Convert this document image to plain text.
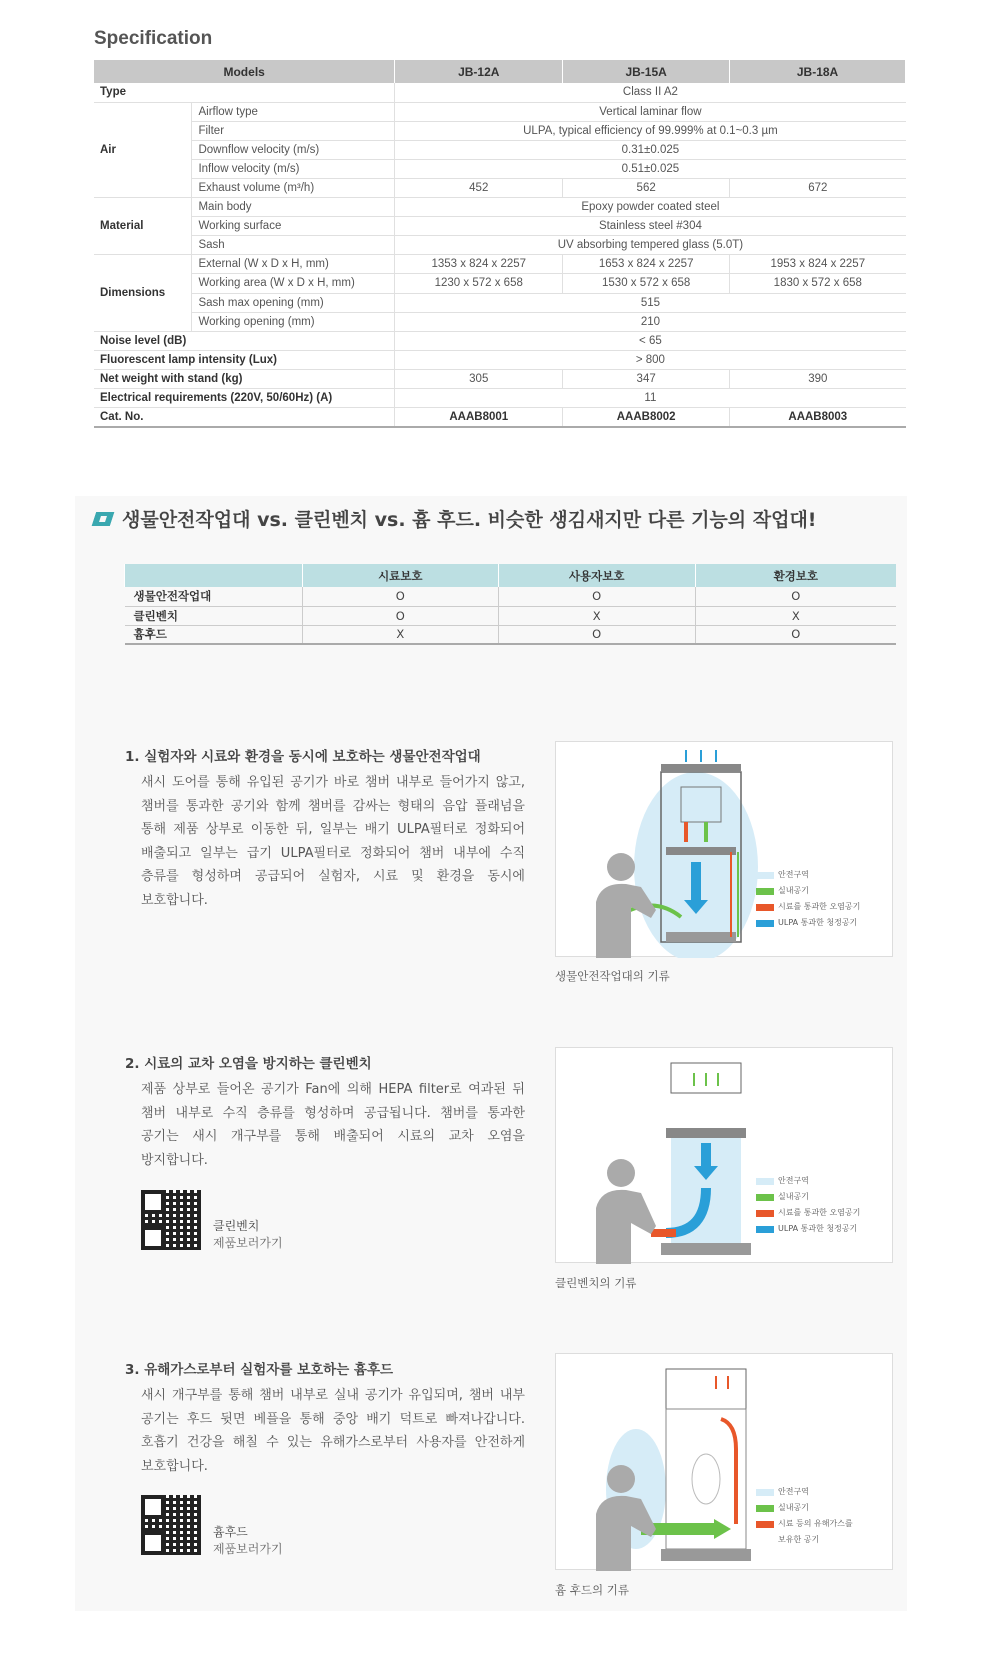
Specification
Models		JB-12A	JB-15A	JB-18A
Type		Class II A2		
Air	Airflow type	Vertical laminar flow		
	Filter	ULPA, typical efficiency of 99.999% at 0.1~0.3 µm		
	Downflow velocity (m/s)	0.31±0.025		
	Inflow velocity (m/s)	0.51±0.025		
	Exhaust volume (m³/h)	452	562	672
Material	Main body	Epoxy powder coated steel		
	Working surface	Stainless steel #304		
	Sash	UV absorbing tempered glass (5.0T)		
Dimensions	External (W x D x H, mm)	1353 x 824 x 2257	1653 x 824 x 2257	1953 x 824 x 2257
	Working area (W x D x H, mm)	1230 x 572 x 658	1530 x 572 x 658	1830 x 572 x 658
	Sash max opening (mm)	515		
	Working opening (mm)	210		
Noise level (dB)		< 65		
Fluorescent lamp intensity (Lux)		> 800		
Net weight with stand (kg)		305	347	390
Electrical requirements (220V, 50/60Hz) (A)		11		
Cat. No.		AAAB8001	AAAB8002	AAAB8003
생물안전작업대 vs. 클린벤치 vs. 흄 후드. 비슷한 생김새지만 다른 기능의 작업대!
	시료보호	사용자보호	환경보호
생물안전작업대	O	O	O
클린벤치	O	X	X
흄후드	X	O	O
1. 실험자와 시료와 환경을 동시에 보호하는 생물안전작업대

새시 도어를 통해 유입된 공기가 바로 챔버 내부로 들어가지 않고, 챔버를 통과한 공기와 함께 챔버를 감싸는 형태의 음압 플래넘을 통해 제품 상부로 이동한 뒤, 일부는 배기 ULPA필터로 정화되어 배출되고 일부는 급기 ULPA필터로 정화되어 챔버 내부에 수직 층류를 형성하며 공급되어 실험자, 시료 및 환경을 동시에 보호합니다.

안전구역
실내공기
시료를 통과한 오염공기
ULPA 통과한 청정공기
생물안전작업대의 기류
2. 시료의 교차 오염을 방지하는 클린벤치

제품 상부로 들어온 공기가 Fan에 의해 HEPA filter로 여과된 뒤 챔버 내부로 수직 층류를 형성하며 공급됩니다. 챔버를 통과한 공기는 새시 개구부를 통해 배출되어 시료의 교차 오염을 방지합니다.

클린벤치
제품보러가기
안전구역
실내공기
시료를 통과한 오염공기
ULPA 통과한 청정공기
클린벤치의 기류
3. 유해가스로부터 실험자를 보호하는 흄후드

새시 개구부를 통해 챔버 내부로 실내 공기가 유입되며, 챔버 내부 공기는 후드 뒷면 베플을 통해 중앙 배기 덕트로 빠져나갑니다. 호흡기 건강을 해칠 수 있는 유해가스로부터 사용자를 안전하게 보호합니다.

흄후드
제품보러가기
안전구역
실내공기
시료 등의 유해가스를
보유한 공기
흄 후드의 기류
